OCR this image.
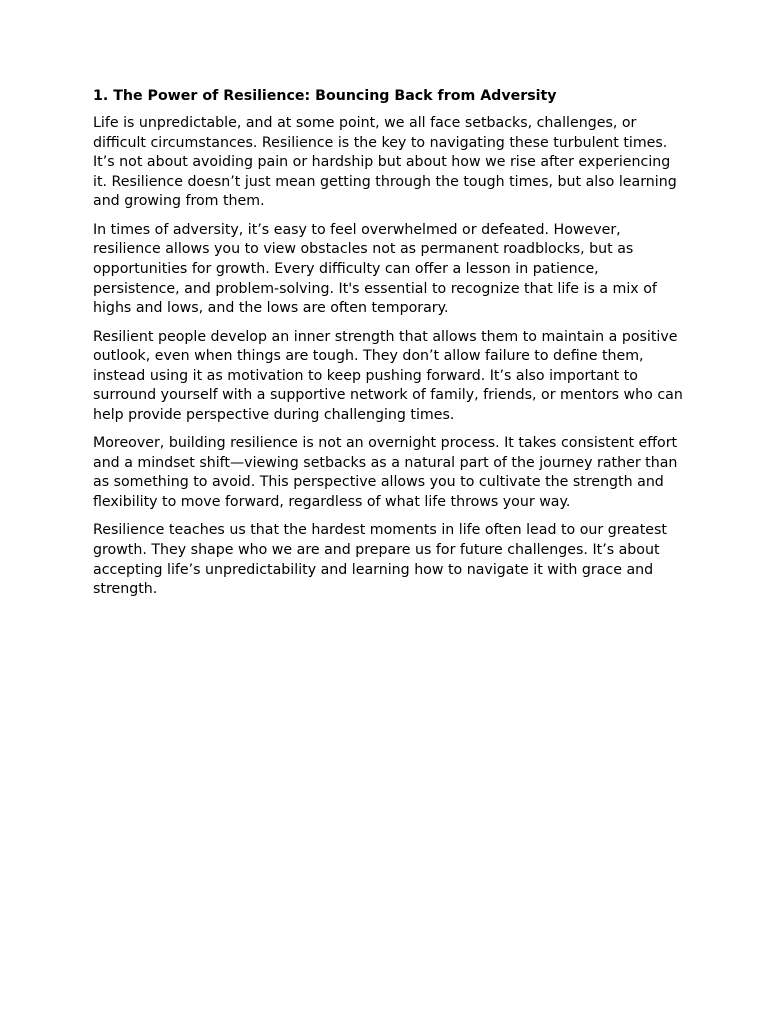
1. The Power of Resilience: Bouncing Back from Adversity

Life is unpredictable, and at some point, we all face setbacks, challenges, or difficult circumstances. Resilience is the key to navigating these turbulent times. It’s not about avoiding pain or hardship but about how we rise after experiencing it. Resilience doesn’t just mean getting through the tough times, but also learning and growing from them.

In times of adversity, it’s easy to feel overwhelmed or defeated. However, resilience allows you to view obstacles not as permanent roadblocks, but as opportunities for growth. Every difficulty can offer a lesson in patience, persistence, and problem-solving. It's essential to recognize that life is a mix of highs and lows, and the lows are often temporary.

Resilient people develop an inner strength that allows them to maintain a positive outlook, even when things are tough. They don’t allow failure to define them, instead using it as motivation to keep pushing forward. It’s also important to surround yourself with a supportive network of family, friends, or mentors who can help provide perspective during challenging times.

Moreover, building resilience is not an overnight process. It takes consistent effort and a mindset shift—viewing setbacks as a natural part of the journey rather than as something to avoid. This perspective allows you to cultivate the strength and flexibility to move forward, regardless of what life throws your way.

Resilience teaches us that the hardest moments in life often lead to our greatest growth. They shape who we are and prepare us for future challenges. It’s about accepting life’s unpredictability and learning how to navigate it with grace and strength.
